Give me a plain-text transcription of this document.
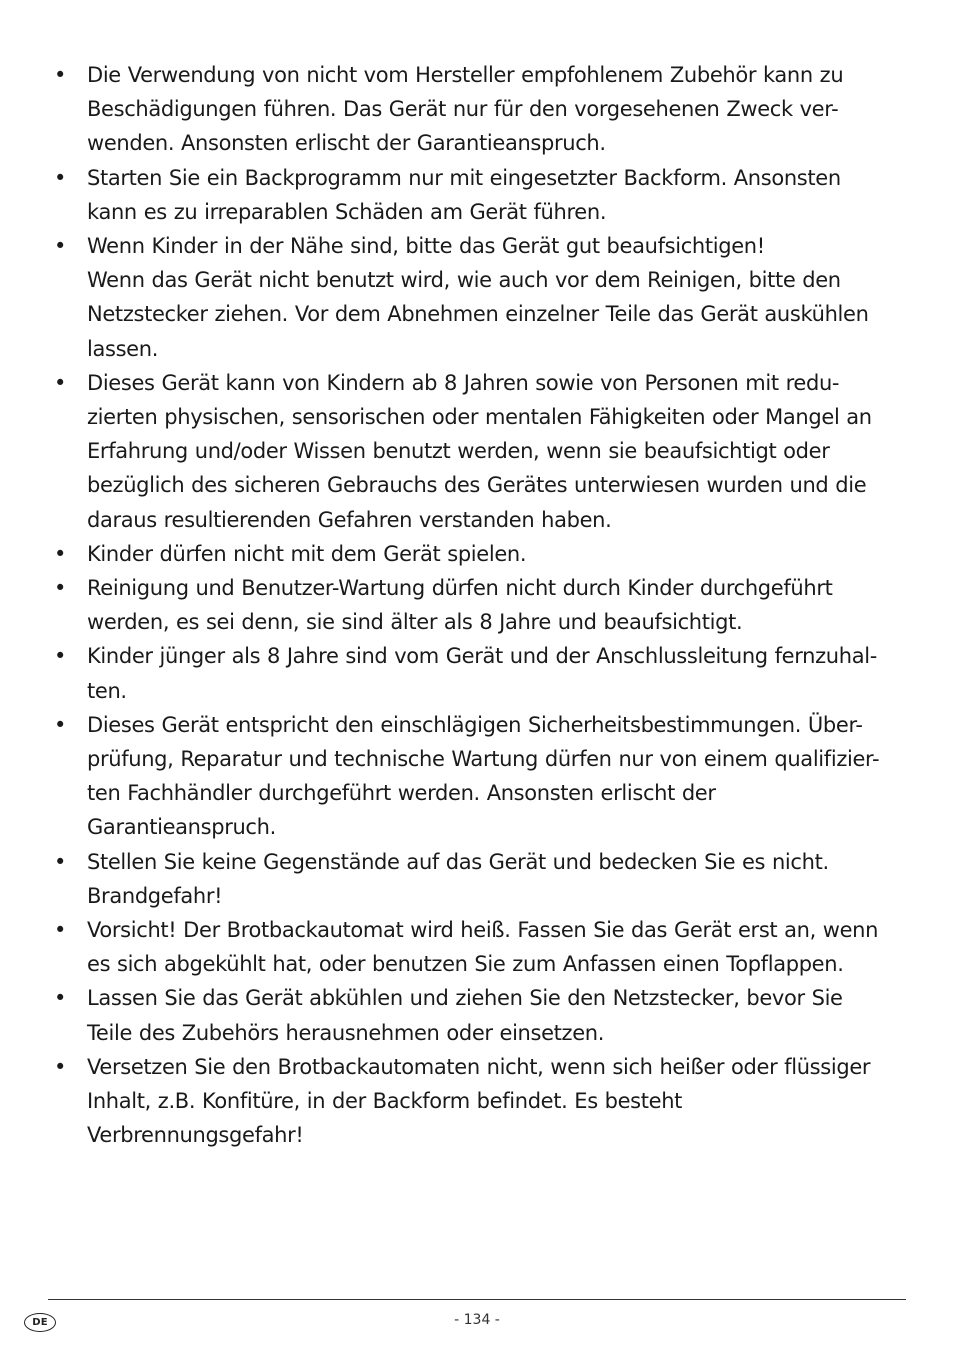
• Die Verwendung von nicht vom Hersteller empfohlenem Zubehör kann zu
Beschädigungen führen. Das Gerät nur für den vorgesehenen Zweck ver-
wenden. Ansonsten erlischt der Garantieanspruch.
• Starten Sie ein Backprogramm nur mit eingesetzter Backform. Ansonsten
kann es zu irreparablen Schäden am Gerät führen.
• Wenn Kinder in der Nähe sind, bitte das Gerät gut beaufsichtigen!
Wenn das Gerät nicht benutzt wird, wie auch vor dem Reinigen, bitte den
Netzstecker ziehen. Vor dem Abnehmen einzelner Teile das Gerät auskühlen
lassen.
• Dieses Gerät kann von Kindern ab 8 Jahren sowie von Personen mit redu-
zierten physischen, sensorischen oder mentalen Fähigkeiten oder Mangel an
Erfahrung und/oder Wissen benutzt werden, wenn sie beaufsichtigt oder
bezüglich des sicheren Gebrauchs des Gerätes unterwiesen wurden und die
daraus resultierenden Gefahren verstanden haben.
• Kinder dürfen nicht mit dem Gerät spielen.
• Reinigung und Benutzer-Wartung dürfen nicht durch Kinder durchgeführt
werden, es sei denn, sie sind älter als 8 Jahre und beaufsichtigt.
• Kinder jünger als 8 Jahre sind vom Gerät und der Anschlussleitung fernzuhal-
ten.
• Dieses Gerät entspricht den einschlägigen Sicherheitsbestimmungen. Über-
prüfung, Reparatur und technische Wartung dürfen nur von einem qualifizier-
ten Fachhändler durchgeführt werden. Ansonsten erlischt der
Garantieanspruch.
• Stellen Sie keine Gegenstände auf das Gerät und bedecken Sie es nicht.
Brandgefahr!
• Vorsicht! Der Brotbackautomat wird heiß. Fassen Sie das Gerät erst an, wenn
es sich abgekühlt hat, oder benutzen Sie zum Anfassen einen Topflappen.
• Lassen Sie das Gerät abkühlen und ziehen Sie den Netzstecker, bevor Sie
Teile des Zubehörs herausnehmen oder einsetzen.
• Versetzen Sie den Brotbackautomaten nicht, wenn sich heißer oder flüssiger
Inhalt, z.B. Konfitüre, in der Backform befindet. Es besteht
Verbrennungsgefahr!
DE	- 134 -
